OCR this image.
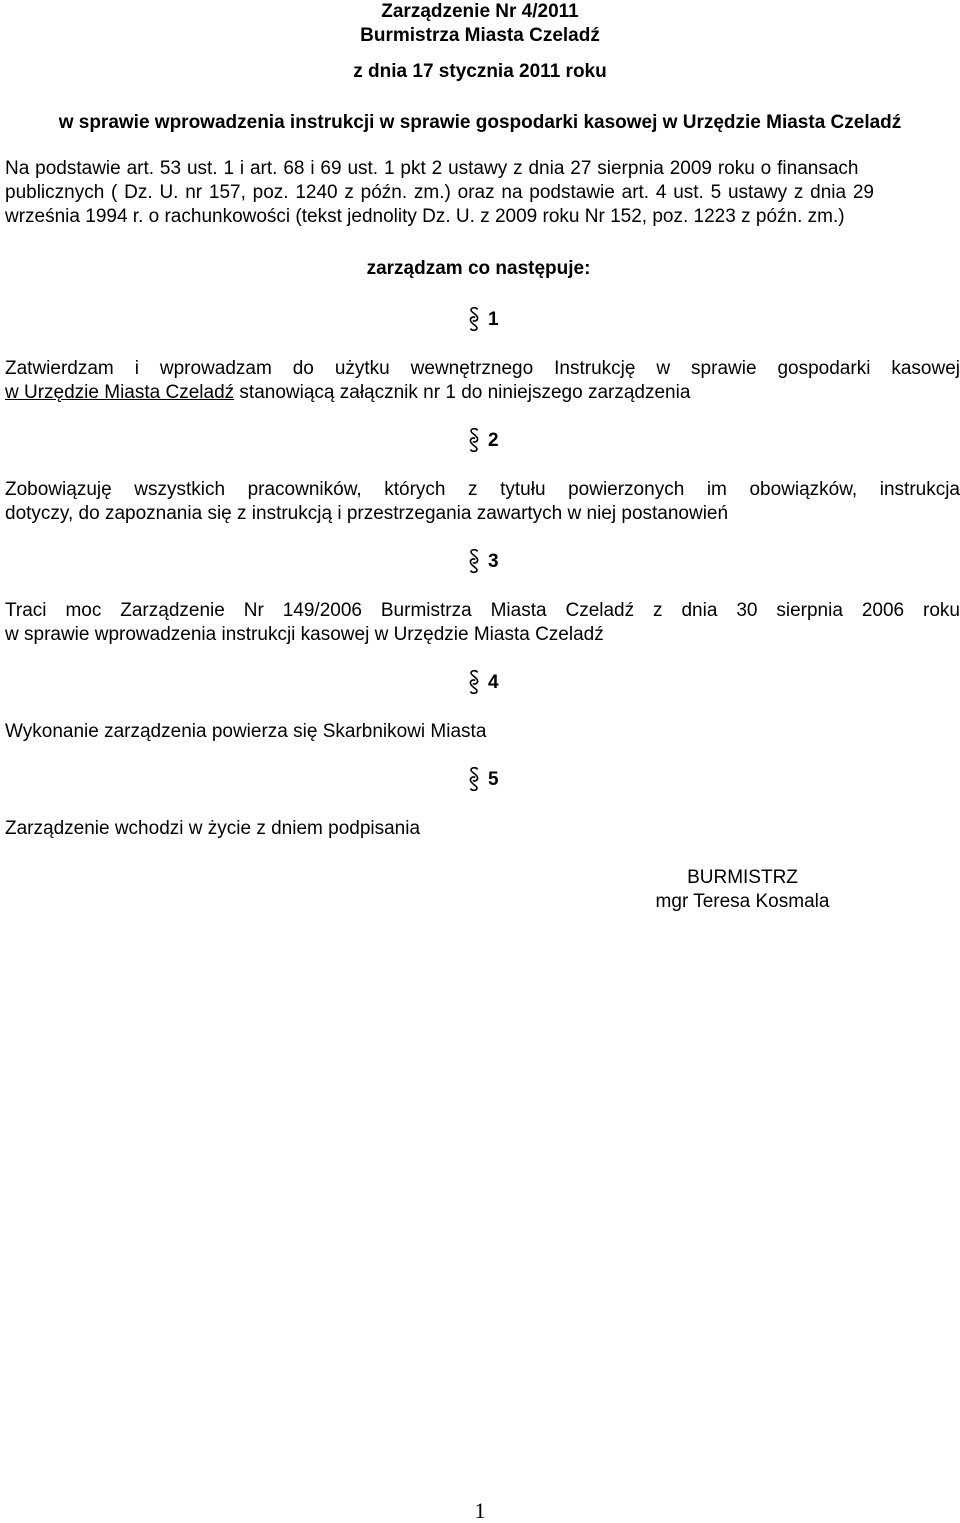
Zarządzenie Nr 4/2011
Burmistrza Miasta Czeladź
z dnia 17 stycznia 2011 roku
w sprawie wprowadzenia instrukcji w sprawie gospodarki kasowej w Urzędzie Miasta Czeladź
Na podstawie art. 53 ust. 1 i art. 68 i 69 ust. 1 pkt 2 ustawy z dnia 27 sierpnia 2009 roku o finansach
publicznych ( Dz. U. nr 157, poz. 1240 z późn. zm.) oraz na podstawie art. 4 ust. 5 ustawy z dnia 29
września 1994 r. o rachunkowości (tekst jednolity Dz. U. z 2009 roku Nr 152, poz. 1223 z późn. zm.)
zarządzam co następuje:
1
Zatwierdzam i wprowadzam do użytku wewnętrznego Instrukcję w sprawie gospodarki kasowej
w Urzędzie Miasta Czeladź stanowiącą załącznik nr 1 do niniejszego zarządzenia
2
Zobowiązuję wszystkich pracowników, których z tytułu powierzonych im obowiązków, instrukcja
dotyczy, do zapoznania się z instrukcją i przestrzegania zawartych w niej postanowień
3
Traci moc Zarządzenie Nr 149/2006 Burmistrza Miasta Czeladź z dnia 30 sierpnia 2006 roku
w sprawie wprowadzenia instrukcji kasowej w Urzędzie Miasta Czeladź
4
Wykonanie zarządzenia powierza się Skarbnikowi Miasta
5
Zarządzenie wchodzi w życie z dniem podpisania
BURMISTRZ
mgr Teresa Kosmala
1
